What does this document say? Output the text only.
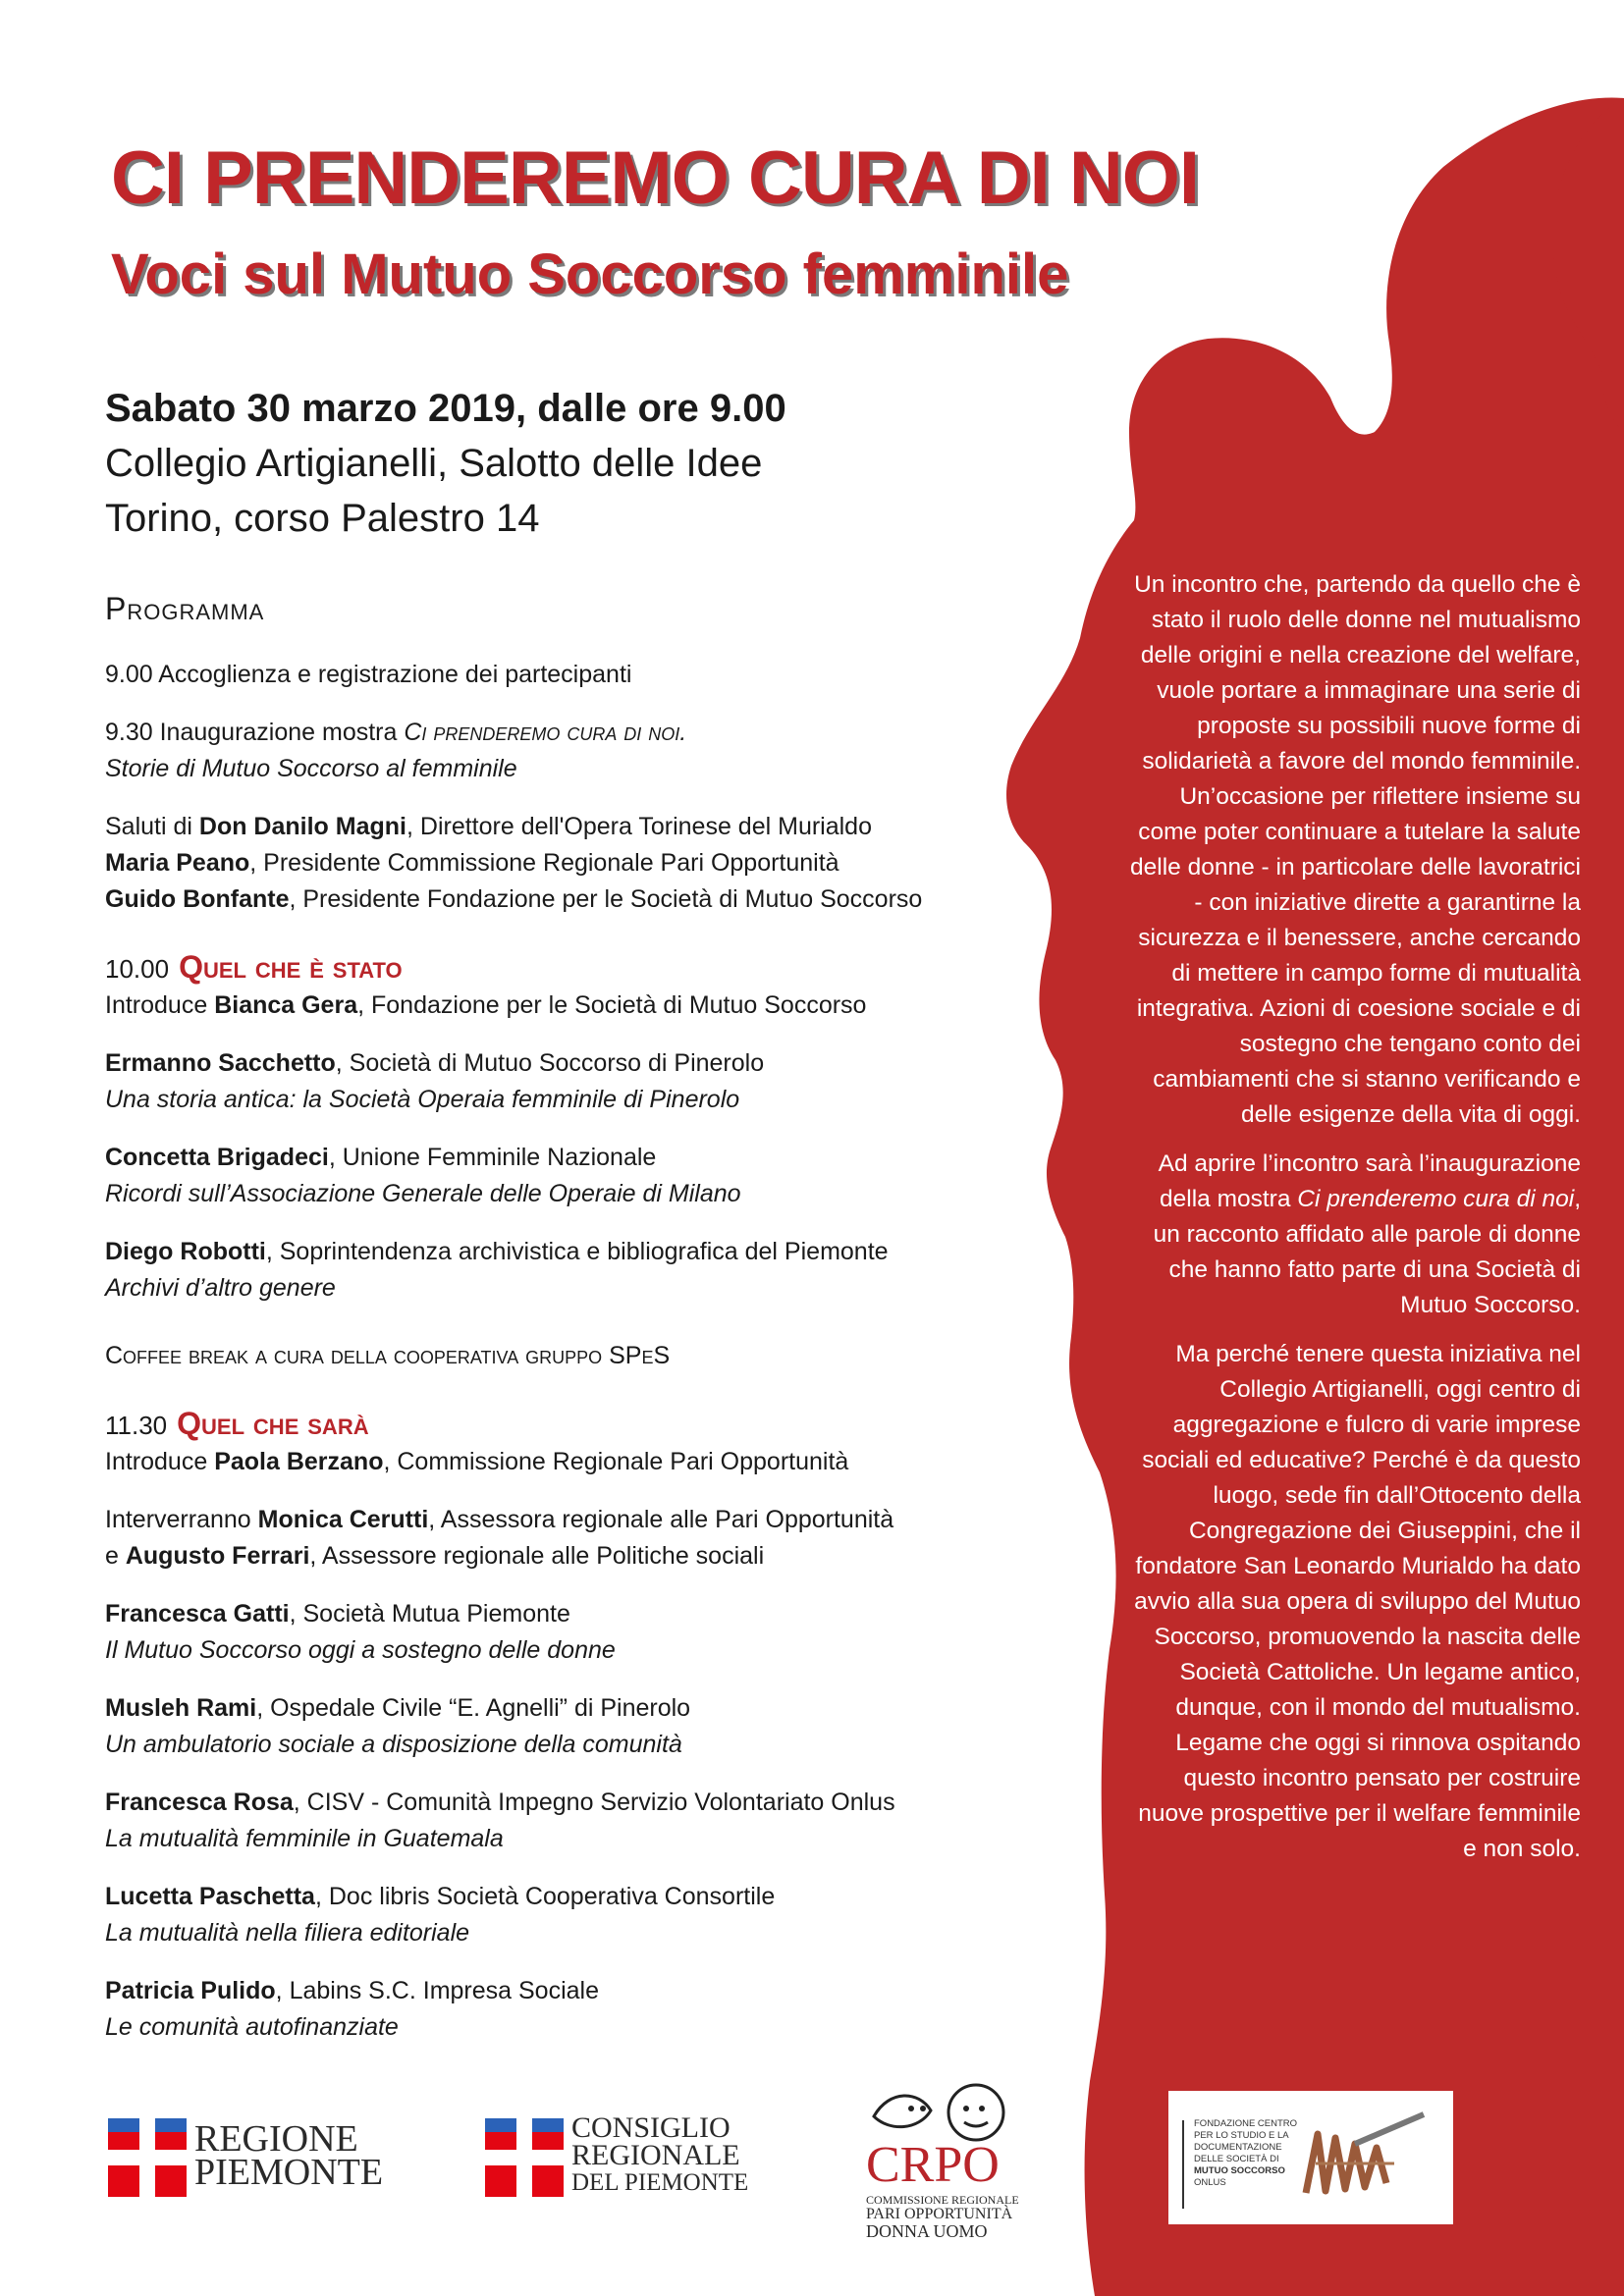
CI PRENDEREMO CURA DI NOI
Voci sul Mutuo Soccorso femminile
Sabato 30 marzo 2019, dalle ore 9.00
Collegio Artigianelli, Salotto delle Idee
Torino, corso Palestro 14

Programma

9.00 Accoglienza e registrazione dei partecipanti

9.30 Inaugurazione mostra Ci prenderemo cura di noi.

Storie di Mutuo Soccorso al femminile

Saluti di Don Danilo Magni, Direttore dell'Opera Torinese del Murialdo

Maria Peano, Presidente Commissione Regionale Pari Opportunità

Guido Bonfante, Presidente Fondazione per le Società di Mutuo Soccorso

10.00 Quel che è stato

Introduce Bianca Gera, Fondazione per le Società di Mutuo Soccorso

Ermanno Sacchetto, Società di Mutuo Soccorso di Pinerolo

Una storia antica: la Società Operaia femminile di Pinerolo

Concetta Brigadeci, Unione Femminile Nazionale

Ricordi sull’Associazione Generale delle Operaie di Milano

Diego Robotti, Soprintendenza archivistica e bibliografica del Piemonte

Archivi d’altro genere

Coffee break a cura della cooperativa gruppo SPeS

11.30 Quel che sarà

Introduce Paola Berzano, Commissione Regionale Pari Opportunità

Interverranno Monica Cerutti, Assessora regionale alle Pari Opportunità

e Augusto Ferrari, Assessore regionale alle Politiche sociali

Francesca Gatti, Società Mutua Piemonte

Il Mutuo Soccorso oggi a sostegno delle donne

Musleh Rami, Ospedale Civile “E. Agnelli” di Pinerolo

Un ambulatorio sociale a disposizione della comunità

Francesca Rosa, CISV - Comunità Impegno Servizio Volontariato Onlus

La mutualità femminile in Guatemala

Lucetta Paschetta, Doc libris Società Cooperativa Consortile

La mutualità nella filiera editoriale

Patricia Pulido, Labins S.C. Impresa Sociale

Le comunità autofinanziate

Un incontro che, partendo da quello che è stato il ruolo delle donne nel mutualismo delle origini e nella creazione del welfare, vuole portare a immaginare una serie di proposte su possibili nuove forme di solidarietà a favore del mondo femminile. Un’occasione per riflettere insieme su come poter continuare a tutelare la salute delle donne - in particolare delle lavoratrici - con iniziative dirette a garantirne la sicurezza e il benessere, anche cercando di mettere in campo forme di mutualità integrativa. Azioni di coesione sociale e di sostegno che tengano conto dei cambiamenti che si stanno verificando e delle esigenze della vita di oggi.

Ad aprire l’incontro sarà l’inaugurazione della mostra Ci prenderemo cura di noi, un racconto affidato alle parole di donne che hanno fatto parte di una Società di Mutuo Soccorso.

Ma perché tenere questa iniziativa nel Collegio Artigianelli, oggi centro di aggregazione e fulcro di varie imprese sociali ed educative? Perché è da questo luogo, sede fin dall’Ottocento della Congregazione dei Giuseppini, che il fondatore San Leonardo Murialdo ha dato avvio alla sua opera di sviluppo del Mutuo Soccorso, promuovendo la nascita delle Società Cattoliche. Un legame antico, dunque, con il mondo del mutualismo. Legame che oggi si rinnova ospitando questo incontro pensato per costruire nuove prospettive per il welfare femminile e non solo.

REGIONE
PIEMONTE
CONSIGLIO
REGIONALE
DEL PIEMONTE CRPO
COMMISSIONE REGIONALE
PARI OPPORTUNITÀ
DONNA UOMO
FONDAZIONE CENTRO
PER LO STUDIO E LA
DOCUMENTAZIONE
DELLE SOCIETÀ DI
MUTUO SOCCORSO
ONLUS
